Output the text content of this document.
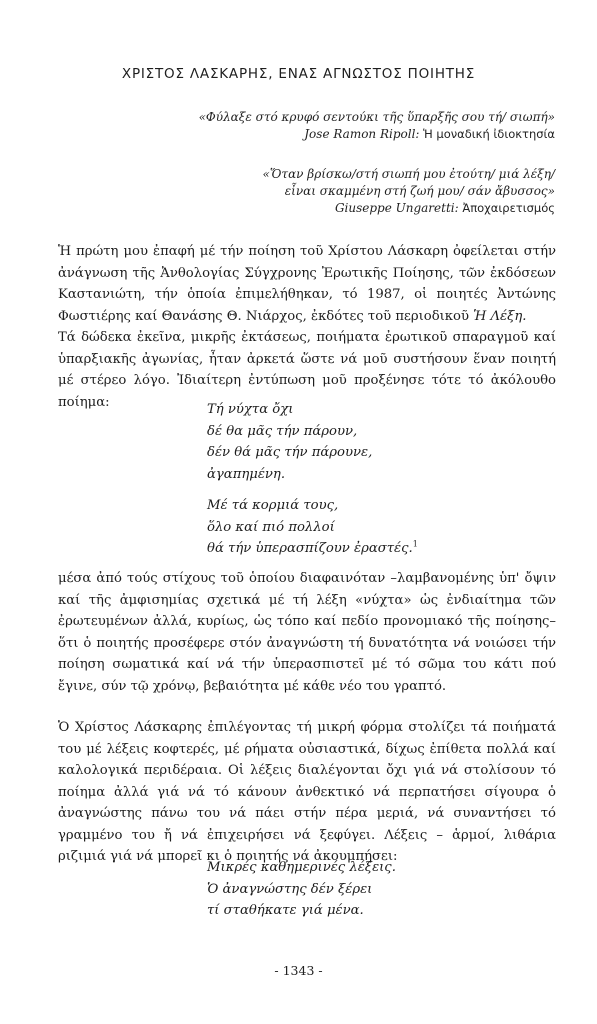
ΧΡΙΣΤΟΣ ΛΑΣΚΑΡΗΣ, ΕΝΑΣ ΑΓΝΩΣΤΟΣ ΠΟΙΗΤΗΣ
«Φύλαξε στό κρυφό σεντούκι τῆς ὕπαρξῆς σου τή/ σιωπή»
Jose Ramon Ripoll: Ἡ μοναδική ἰδιοκτησία
«Ὅταν βρίσκω/στή σιωπή μου ἐτούτη/ μιά λέξη/
εἶναι σκαμμένη στή ζωή μου/ σάν ἄβυσσος»
Giuseppe Ungaretti: Ἀποχαιρετισμός

Ἡ πρώτη μου ἐπαφή μέ τήν ποίηση τοῦ Χρίστου Λάσκαρη ὀφείλεται στήν ἀνάγνωση τῆς Ἀνθολογίας Σύγχρονης Ἐρωτικῆς Ποίησης, τῶν ἐκδόσεων Καστανιώτη, τήν ὁποία ἐπιμελήθηκαν, τό 1987, οἱ ποιητές Ἀντώνης Φωστιέρης καί Θανάσης Θ. Νιάρχος, ἐκδότες τοῦ περιοδικοῦ Ἡ Λέξη.

Τά δώδεκα ἐκεῖνα, μικρῆς ἐκτάσεως, ποιήματα ἐρωτικοῦ σπαραγμοῦ καί ὑπαρξιακῆς ἀγωνίας, ἦταν ἀρκετά ὥστε νά μοῦ συστήσουν ἕναν ποιητή μέ στέρεο λόγο. Ἰδιαίτερη ἐντύπωση μοῦ προξένησε τότε τό ἀκόλουθο ποίημα:	Τή νύχτα ὄχι
δέ θα μᾶς τήν πάρουν,
δέν θά μᾶς τήν πάρουνε,
ἀγαπημένη.
Μέ τά κορμιά τους,
ὅλο καί πιό πολλοί
θά τήν ὑπερασπίζουν ἐραστές.$^1$

μέσα ἀπό τούς στίχους τοῦ ὁποίου διαφαινόταν –λαμβανομένης ὑπ' ὄψιν καί τῆς ἀμφισημίας σχετικά μέ τή λέξη «νύχτα» ὡς ἐνδιαίτημα τῶν ἐρωτευμένων ἀλλά, κυρίως, ὡς τόπο καί πεδίο προνομιακό τῆς ποίησης– ὅτι ὁ ποιητής προσέφερε στόν ἀναγνώστη τή δυνατότητα νά νοιώσει τήν ποίηση σωματικά καί νά τήν ὑπερασπιστεῖ μέ τό σῶμα του κάτι πού ἔγινε, σύν τῷ χρόνῳ, βεβαιότητα μέ κάθε νέο του γραπτό.

Ὁ Χρίστος Λάσκαρης ἐπιλέγοντας τή μικρή φόρμα στολίζει τά ποιήματά του μέ λέξεις κοφτερές, μέ ρήματα οὐσιαστικά, δίχως ἐπίθετα πολλά καί καλολογικά περιδέραια. Οἱ λέξεις διαλέγονται ὄχι γιά νά στολίσουν τό ποίημα ἀλλά γιά νά τό κάνουν ἀνθεκτικό νά περπατήσει σίγουρα ὁ ἀναγνώστης πάνω του νά πάει στήν πέρα μεριά, νά συναντήσει τό γραμμένο του ἤ νά ἐπιχειρήσει νά ξεφύγει. Λέξεις – ἁρμοί, λιθάρια ριζιμιά γιά νά μπορεῖ κι ὁ ποιητής νά ἀκουμπήσει:

Μικρές καθημερινές λέξεις.
Ὁ ἀναγνώστης δέν ξέρει
τί σταθήκατε γιά μένα.
- 1343 -
